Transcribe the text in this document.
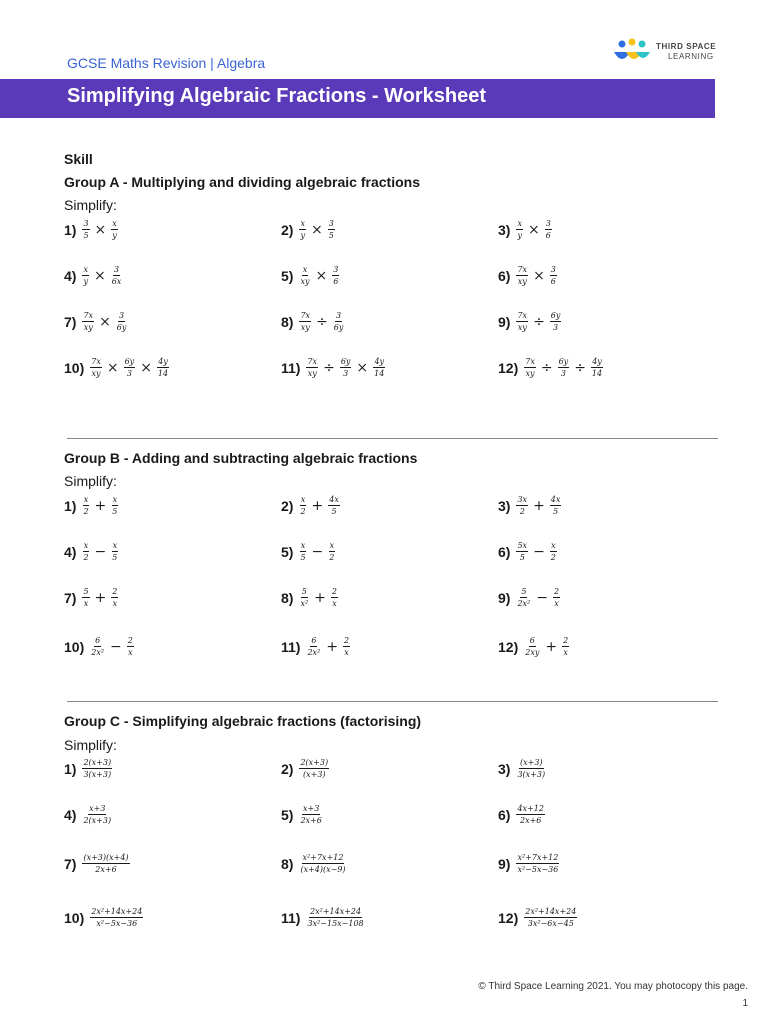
GCSE Maths Revision | Algebra
THIRD SPACE
LEARNING
Simplifying Algebraic Fractions - Worksheet
Skill
Group A - Multiplying and dividing algebraic fractions
Simplify:
$1) \frac{3}{5} \times \frac{x}{y}$	$2) \frac{x}{y} \times \frac{3}{5}$	$3) \frac{x}{y} \times \frac{3}{6}$
$4) \frac{x}{y} \times \frac{3}{6x}$	$5) \frac{x}{xy} \times \frac{3}{6}$	$6) \frac{7x}{xy} \times \frac{3}{6}$
$7) \frac{7x}{xy} \times \frac{3}{6y}$	$8) \frac{7x}{xy} \div \frac{3}{6y}$	$9) \frac{7x}{xy} \div \frac{6y}{3}$
$10) \frac{7x}{xy} \times \frac{6y}{3} \times \frac{4y}{14}$	$11) \frac{7x}{xy} \div \frac{6y}{3} \times \frac{4y}{14}$	$12) \frac{7x}{xy} \div \frac{6y}{3} \div \frac{4y}{14}$
Group B - Adding and subtracting algebraic fractions
Simplify:
$1) \frac{x}{2} + \frac{x}{5}$	$2) \frac{x}{2} + \frac{4x}{5}$	$3) \frac{3x}{2} + \frac{4x}{5}$
$4) \frac{x}{2} - \frac{x}{5}$	$5) \frac{x}{5} - \frac{x}{2}$	$6) \frac{5x}{5} - \frac{x}{2}$
$7) \frac{5}{x} + \frac{2}{x}$	$8) \frac{5}{\text{x²}} + \frac{2}{x}$	$9) \frac{5}{\text{2x²}} - \frac{2}{x}$
$10) \frac{6}{\text{2x²}} - \frac{2}{x}$	$11) \frac{6}{\text{2x²}} + \frac{2}{x}$	$12) \frac{6}{2xy} + \frac{2}{x}$
Group C - Simplifying algebraic fractions (factorising)
Simplify:
$1) \frac{2(x+3)}{3(x+3)}$	$2) \frac{2(x+3)}{(x+3)}$	$3) \frac{(x+3)}{3(x+3)}$
$4) \frac{x+3}{2(x+3)}$	$5) \frac{x+3}{2x+6}$	$6) \frac{4x+12}{2x+6}$
$7) \frac{(x+3)(x+4)}{2x+6}$	$8) \frac{\text{x²+7x+12}}{(x+4)(x-9)}$	$9) \frac{\text{x²+7x+12}}{\text{x²−5x−36}}$
$10) \frac{\text{2x²+14x+24}}{\text{x²−5x−36}}$	$11) \frac{\text{2x²+14x+24}}{\text{3x²−15x−108}}$	$12) \frac{\text{2x²+14x+24}}{\text{3x²−6x−45}}$
© Third Space Learning 2021. You may photocopy this page.
1
